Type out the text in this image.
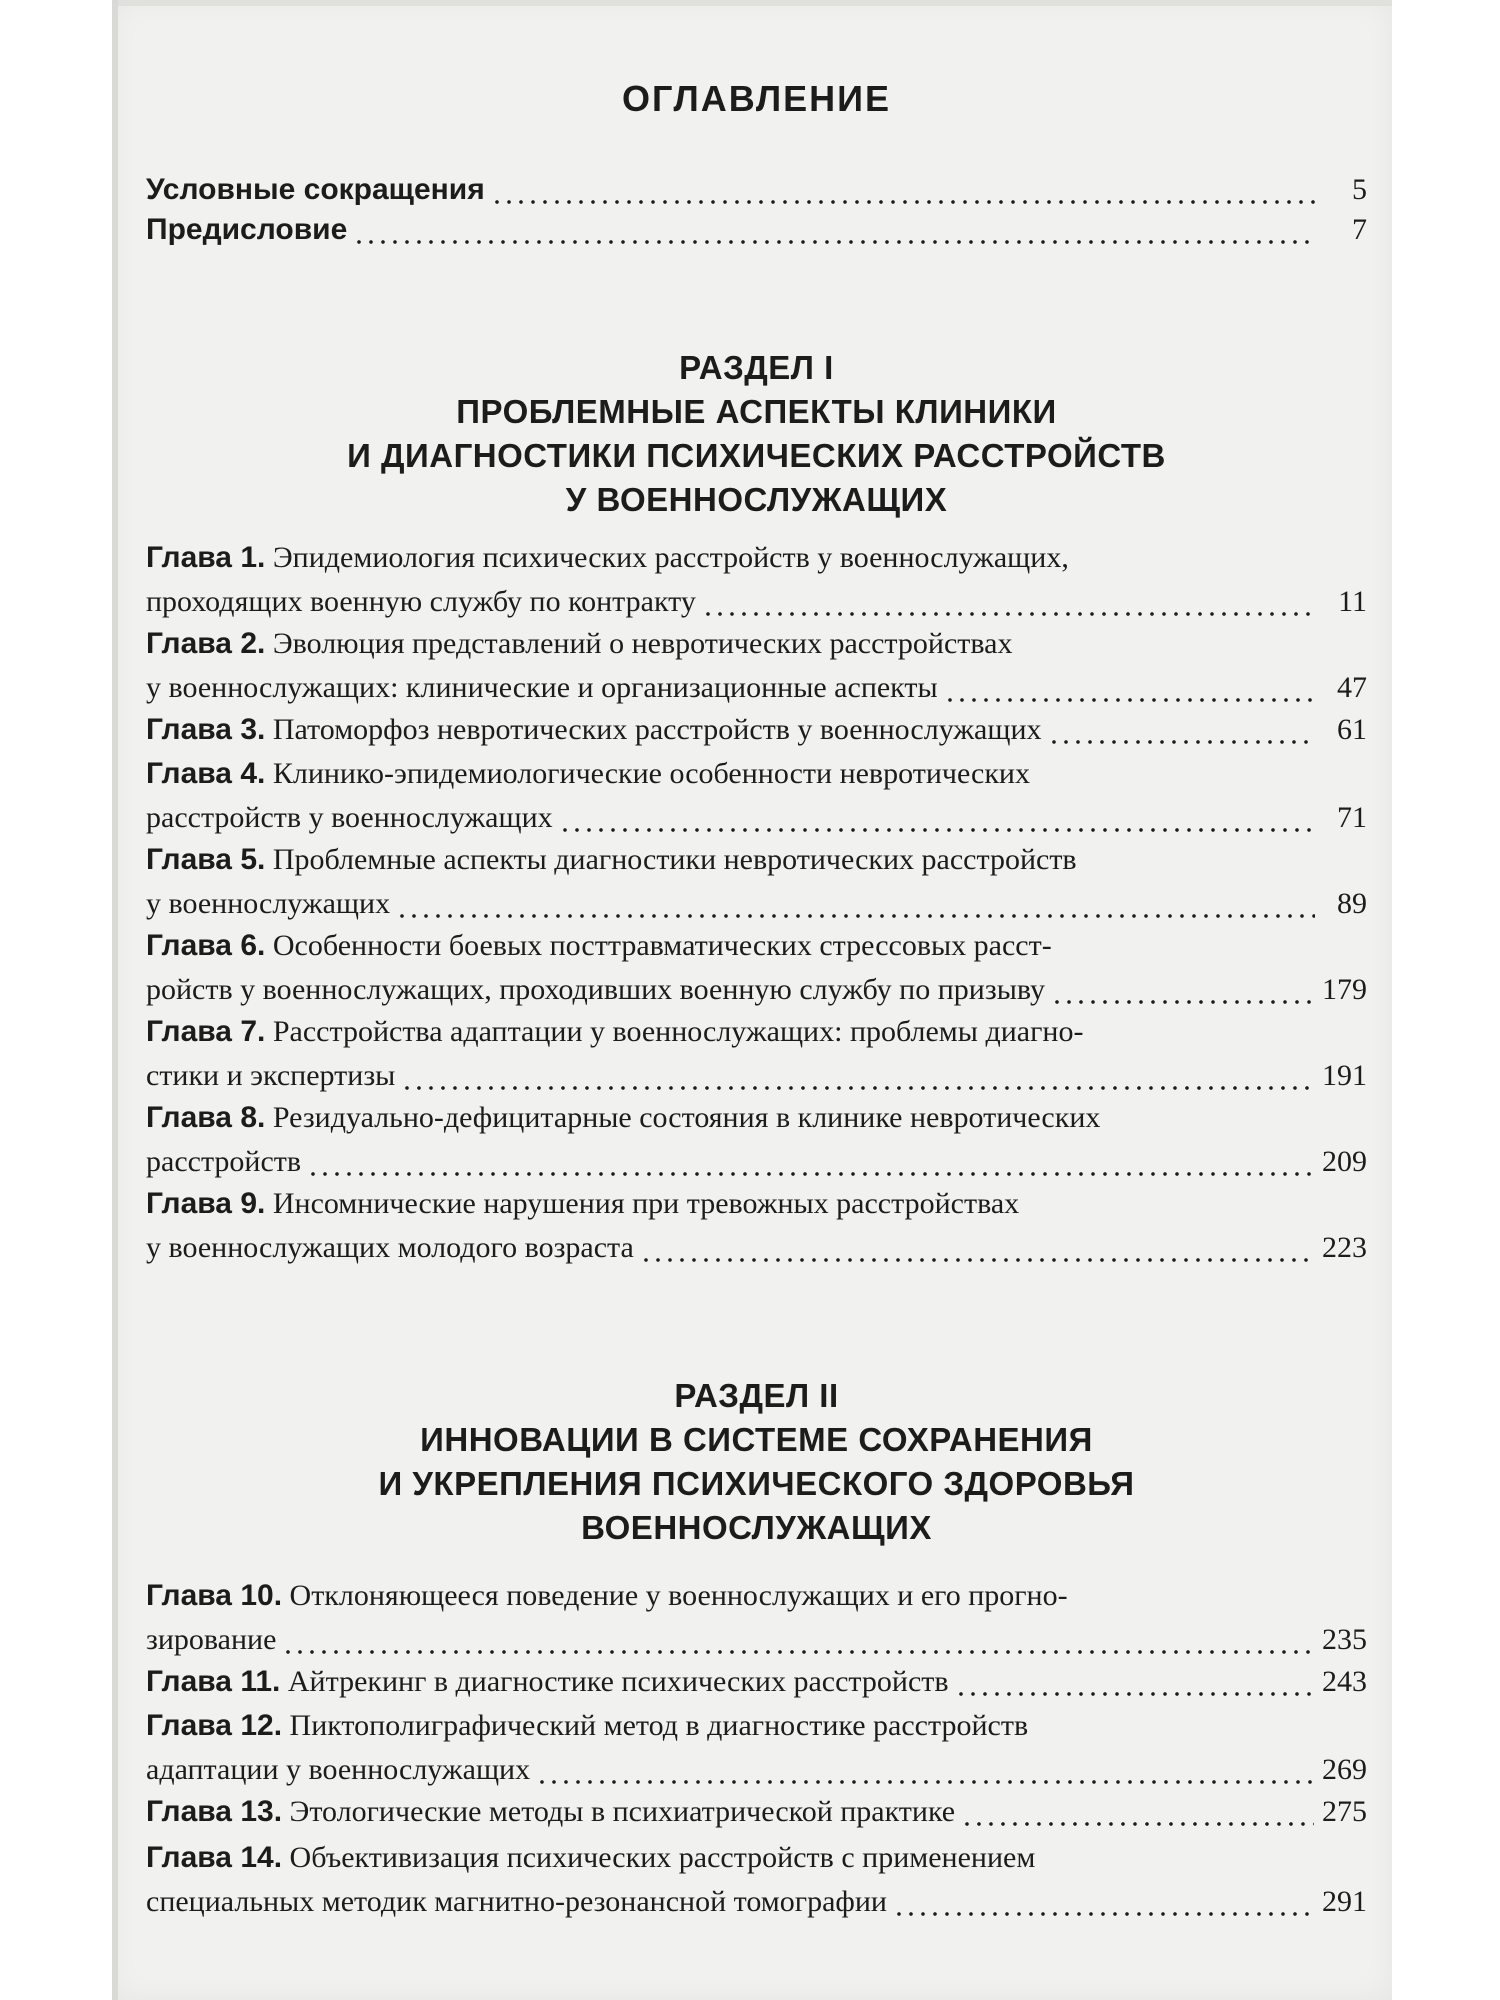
ОГЛАВЛЕНИЕ
Условные сокращения	5
Предисловие	7
РАЗДЕЛ I
ПРОБЛЕМНЫЕ АСПЕКТЫ КЛИНИКИ
И ДИАГНОСТИКИ ПСИХИЧЕСКИХ РАССТРОЙСТВ
У ВОЕННОСЛУЖАЩИХ
Глава 1. Эпидемиология психических расстройств у военнослужащих,
проходящих военную службу по контракту	11
Глава 2. Эволюция представлений о невротических расстройствах
у военнослужащих: клинические и организационные аспекты	47
Глава 3. Патоморфоз невротических расстройств у военнослужащих	61
Глава 4. Клинико-эпидемиологические особенности невротических
расстройств у военнослужащих	71
Глава 5. Проблемные аспекты диагностики невротических расстройств
у военнослужащих	89
Глава 6. Особенности боевых посттравматических стрессовых расст-
ройств у военнослужащих, проходивших военную службу по призыву	179
Глава 7. Расстройства адаптации у военнослужащих: проблемы диагно-
стики и экспертизы	191
Глава 8. Резидуально-дефицитарные состояния в клинике невротических
расстройств	209
Глава 9. Инсомнические нарушения при тревожных расстройствах
у военнослужащих молодого возраста	223
РАЗДЕЛ II
ИННОВАЦИИ В СИСТЕМЕ СОХРАНЕНИЯ
И УКРЕПЛЕНИЯ ПСИХИЧЕСКОГО ЗДОРОВЬЯ
ВОЕННОСЛУЖАЩИХ
Глава 10. Отклоняющееся поведение у военнослужащих и его прогно-
зирование	235
Глава 11. Айтрекинг в диагностике психических расстройств	243
Глава 12. Пиктополиграфический метод в диагностике расстройств
адаптации у военнослужащих	269
Глава 13. Этологические методы в психиатрической практике	275
Глава 14. Объективизация психических расстройств с применением
специальных методик магнитно-резонансной томографии	291
